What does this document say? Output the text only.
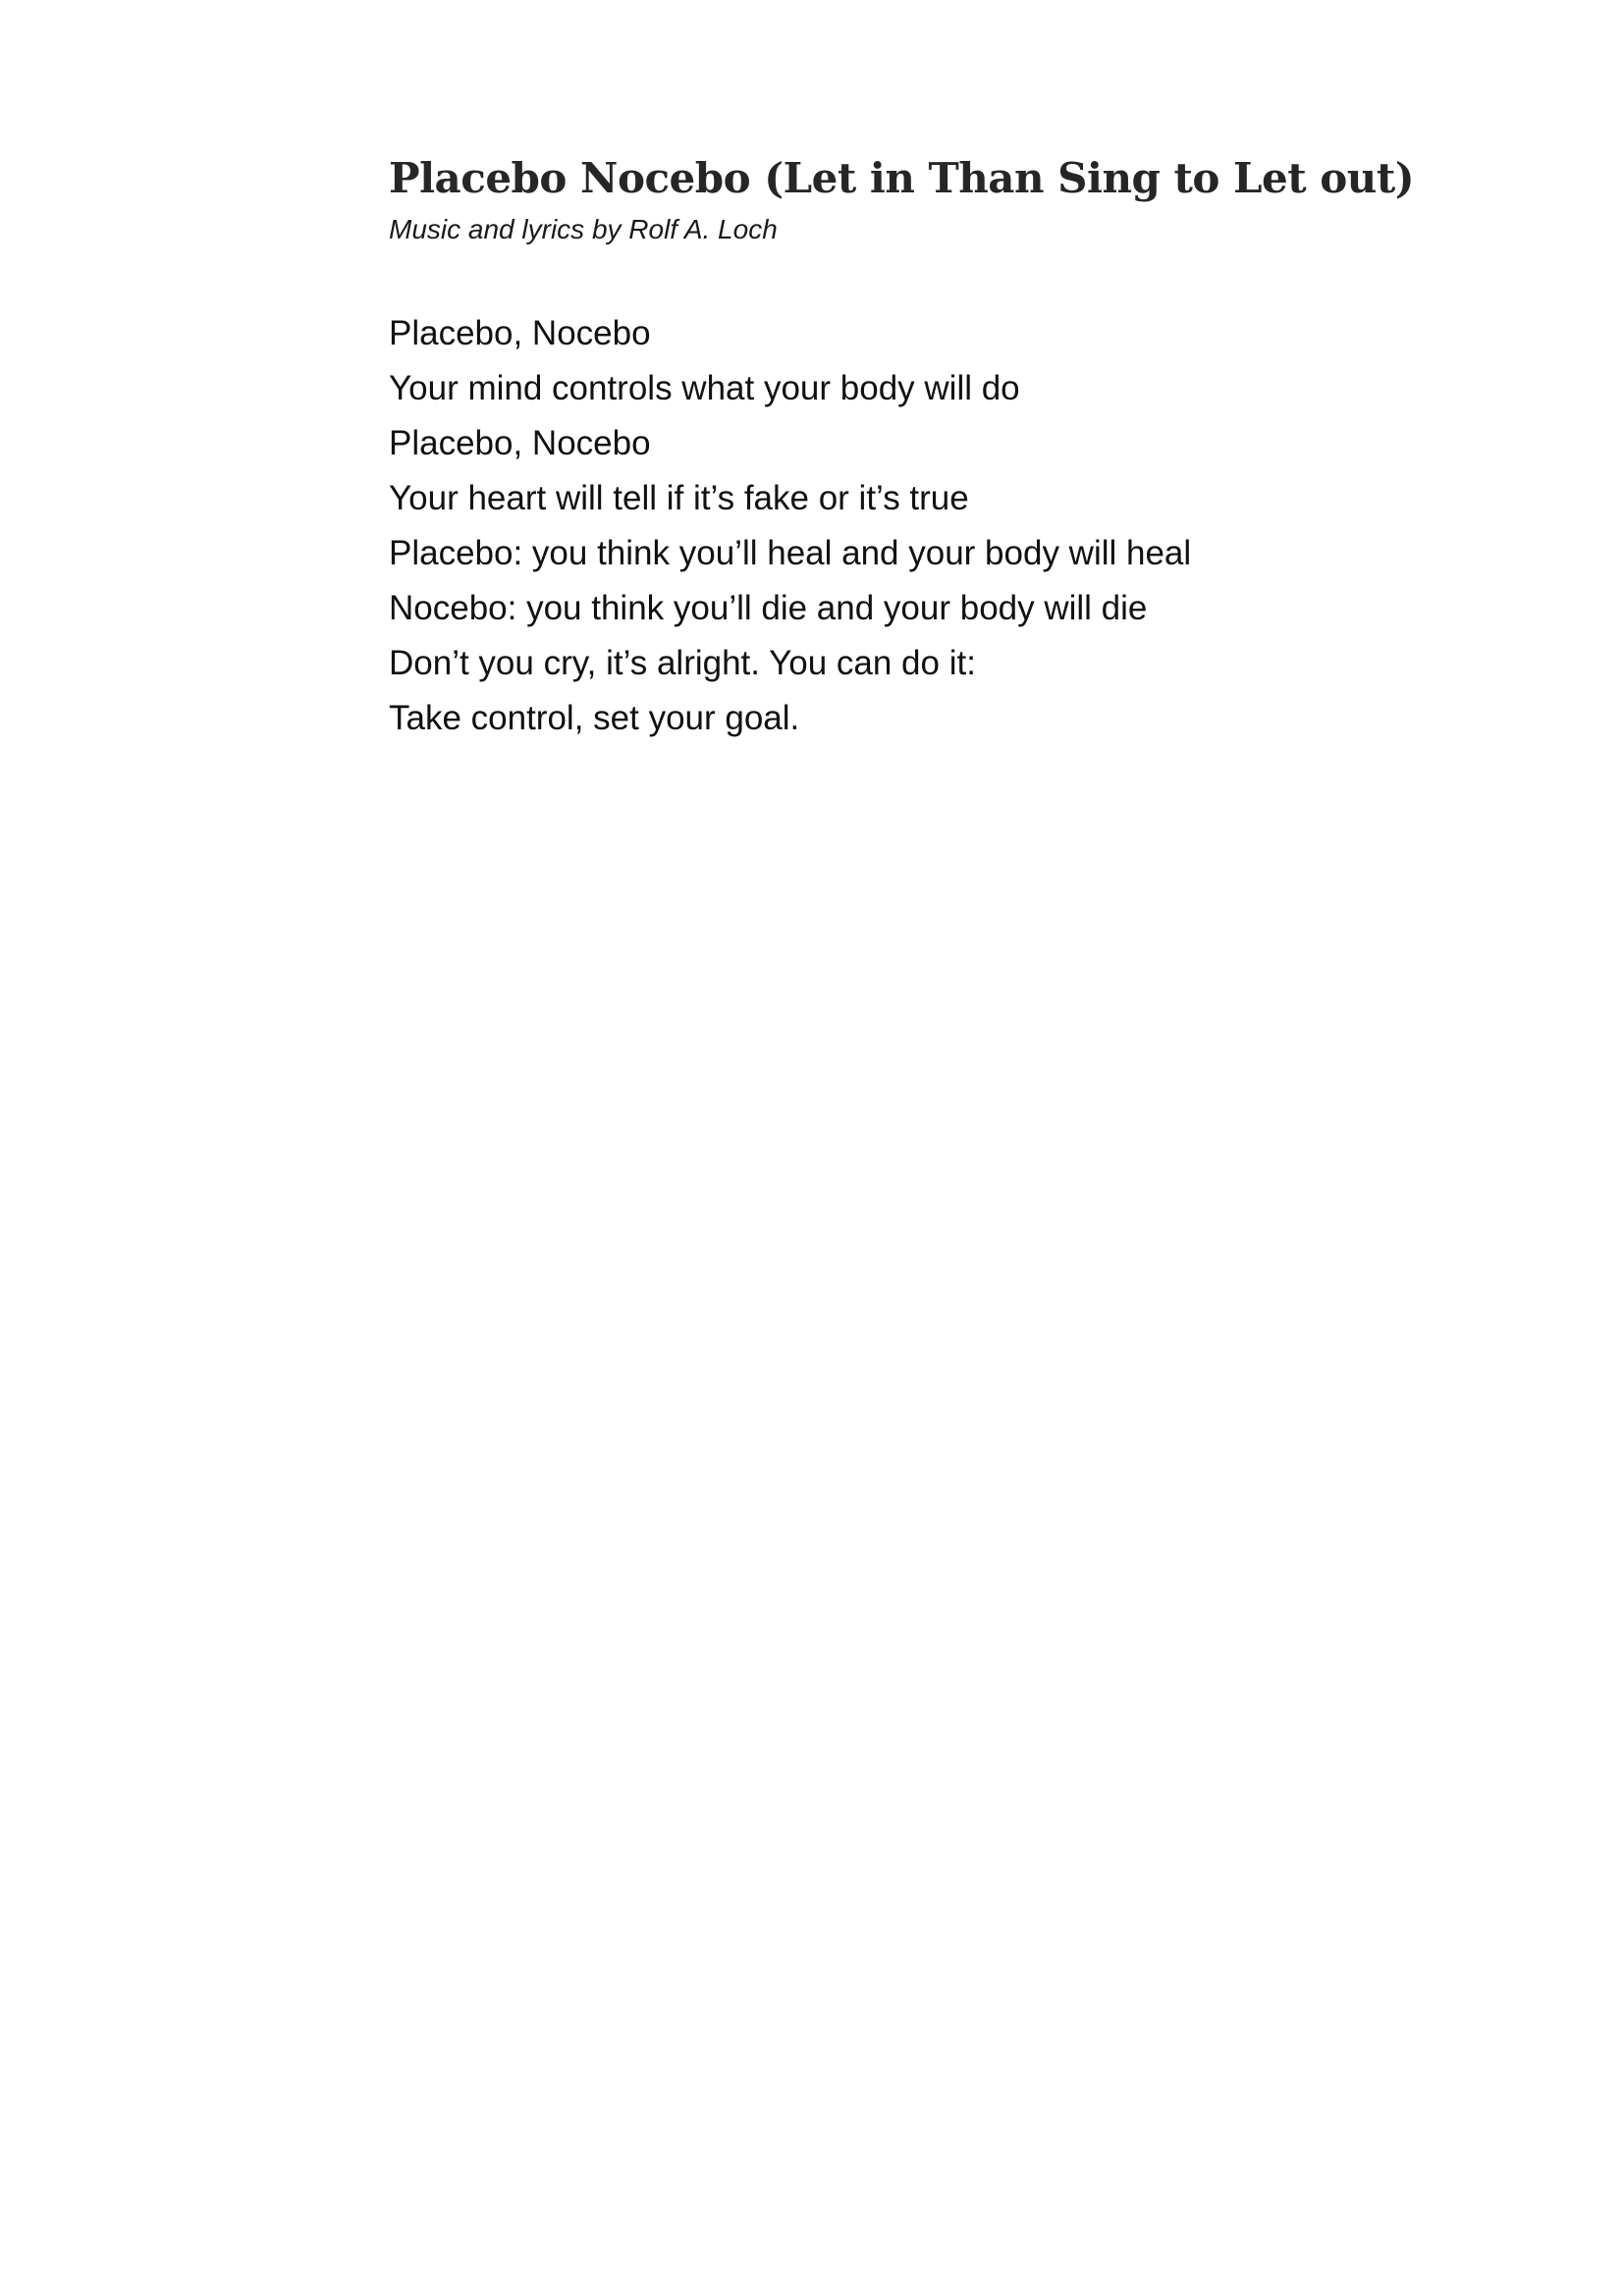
Placebo Nocebo (Let in Than Sing to Let out)

Music and lyrics by Rolf A. Loch

Placebo, Nocebo
Your mind controls what your body will do
Placebo, Nocebo
Your heart will tell if it’s fake or it’s true
Placebo: you think you’ll heal and your body will heal
Nocebo: you think you’ll die and your body will die
Don’t you cry, it’s alright. You can do it:
Take control, set your goal.
